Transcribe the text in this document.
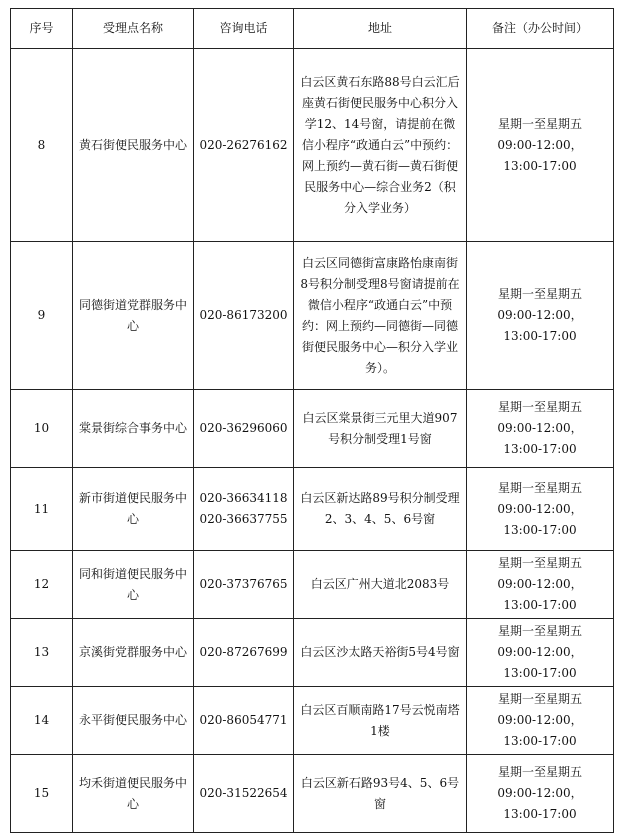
序号	受理点名称	咨询电话	地址	备注（办公时间）
8	黄石街便民服务中心	020-26276162	白云区黄石东路88号白云汇后座黄石街便民服务中心积分入学12、14号窗，请提前在微信小程序“政通白云”中预约：网上预约—黄石街—黄石街便民服务中心—综合业务2（积分入学业务）	星期一至星期五
09:00-12:00，
13:00-17:00

9	同德街道党群服务中心	020-86173200	白云区同德街富康路怡康南街8号积分制受理8号窗请提前在微信小程序“政通白云”中预约：网上预约—同德街—同德街便民服务中心—积分入学业务）。	星期一至星期五
09:00-12:00，
13:00-17:00

10	棠景街综合事务中心	020-36296060	白云区棠景街三元里大道907号积分制受理1号窗	星期一至星期五
09:00-12:00，
13:00-17:00

11	新市街道便民服务中心	020-36634118
020-36637755	白云区新达路89号积分制受理2、3、4、5、6号窗	星期一至星期五
09:00-12:00，
13:00-17:00

12	同和街道便民服务中心	020-37376765	白云区广州大道北2083号	星期一至星期五
09:00-12:00，
13:00-17:00

13	京溪街党群服务中心	020-87267699	白云区沙太路天裕街5号4号窗	星期一至星期五
09:00-12:00，
13:00-17:00

14	永平街便民服务中心	020-86054771	白云区百顺南路17号云悦南塔1楼	星期一至星期五
09:00-12:00，
13:00-17:00

15	均禾街道便民服务中心	020-31522654	白云区新石路93号4、5、6号窗	星期一至星期五
09:00-12:00，
13:00-17:00
